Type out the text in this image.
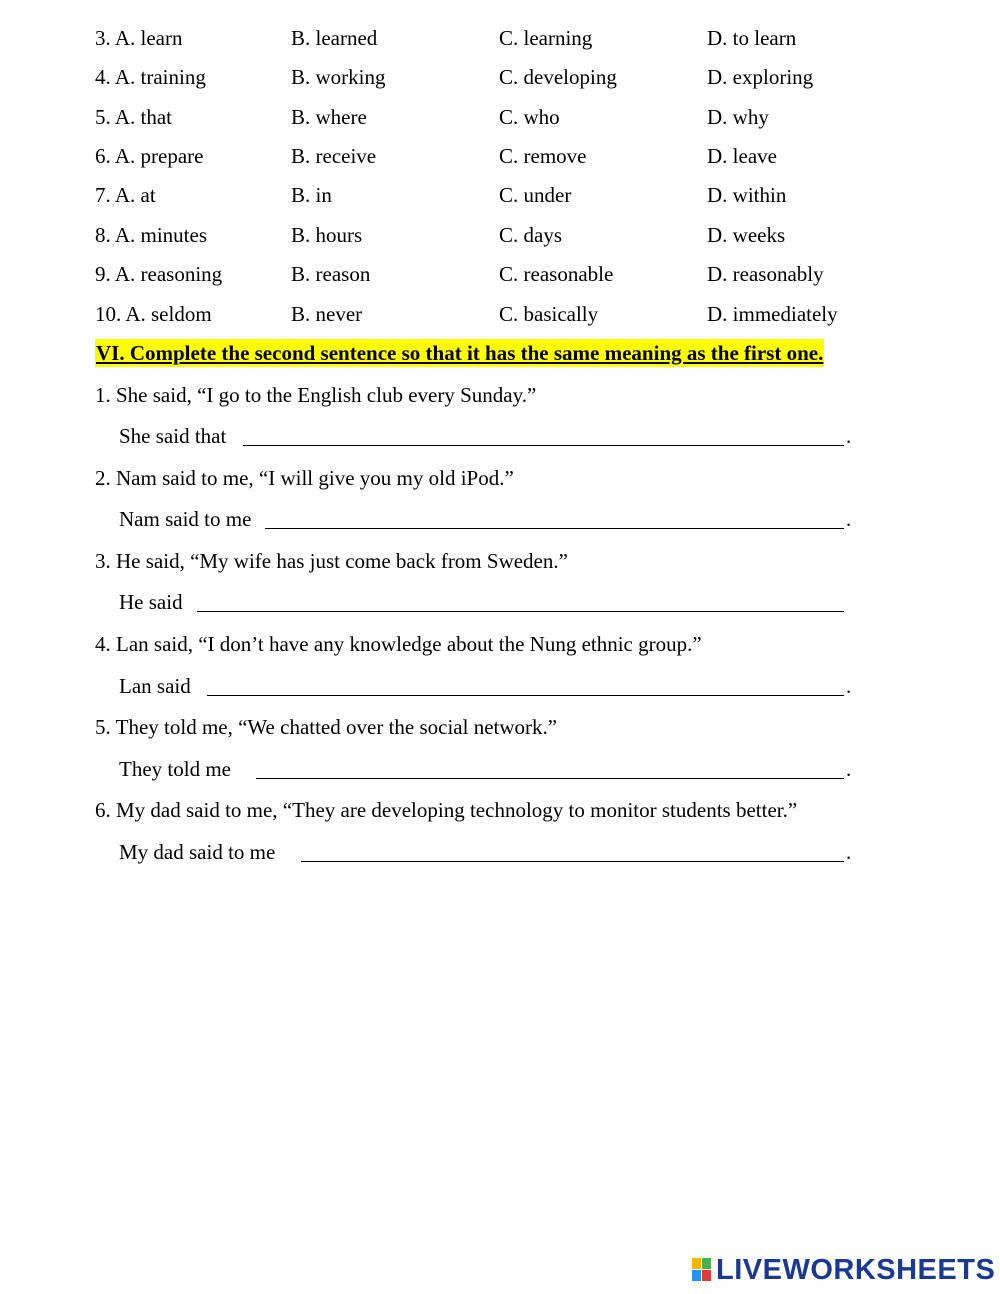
3. A. learn	B. learned	C. learning	D. to learn
4. A. training	B. working	C. developing	D. exploring
5. A. that	B. where	C. who	D. why
6. A. prepare	B. receive	C. remove	D. leave
7. A. at	B. in	C. under	D. within
8. A. minutes	B. hours	C. days	D. weeks
9. A. reasoning	B. reason	C. reasonable	D. reasonably
10. A. seldom	B. never	C. basically	D. immediately
VI. Complete the second sentence so that it has the same meaning as the first one.
1. She said, “I go to the English club every Sunday.”
She said that	.
2. Nam said to me, “I will give you my old iPod.”
Nam said to me	.
3. He said, “My wife has just come back from Sweden.”
He said
4. Lan said, “I don’t have any knowledge about the Nung ethnic group.”
Lan said	.
5. They told me, “We chatted over the social network.”
They told me	.
6. My dad said to me, “They are developing technology to monitor students better.”
My dad said to me	.
LIVEWORKSHEETS
